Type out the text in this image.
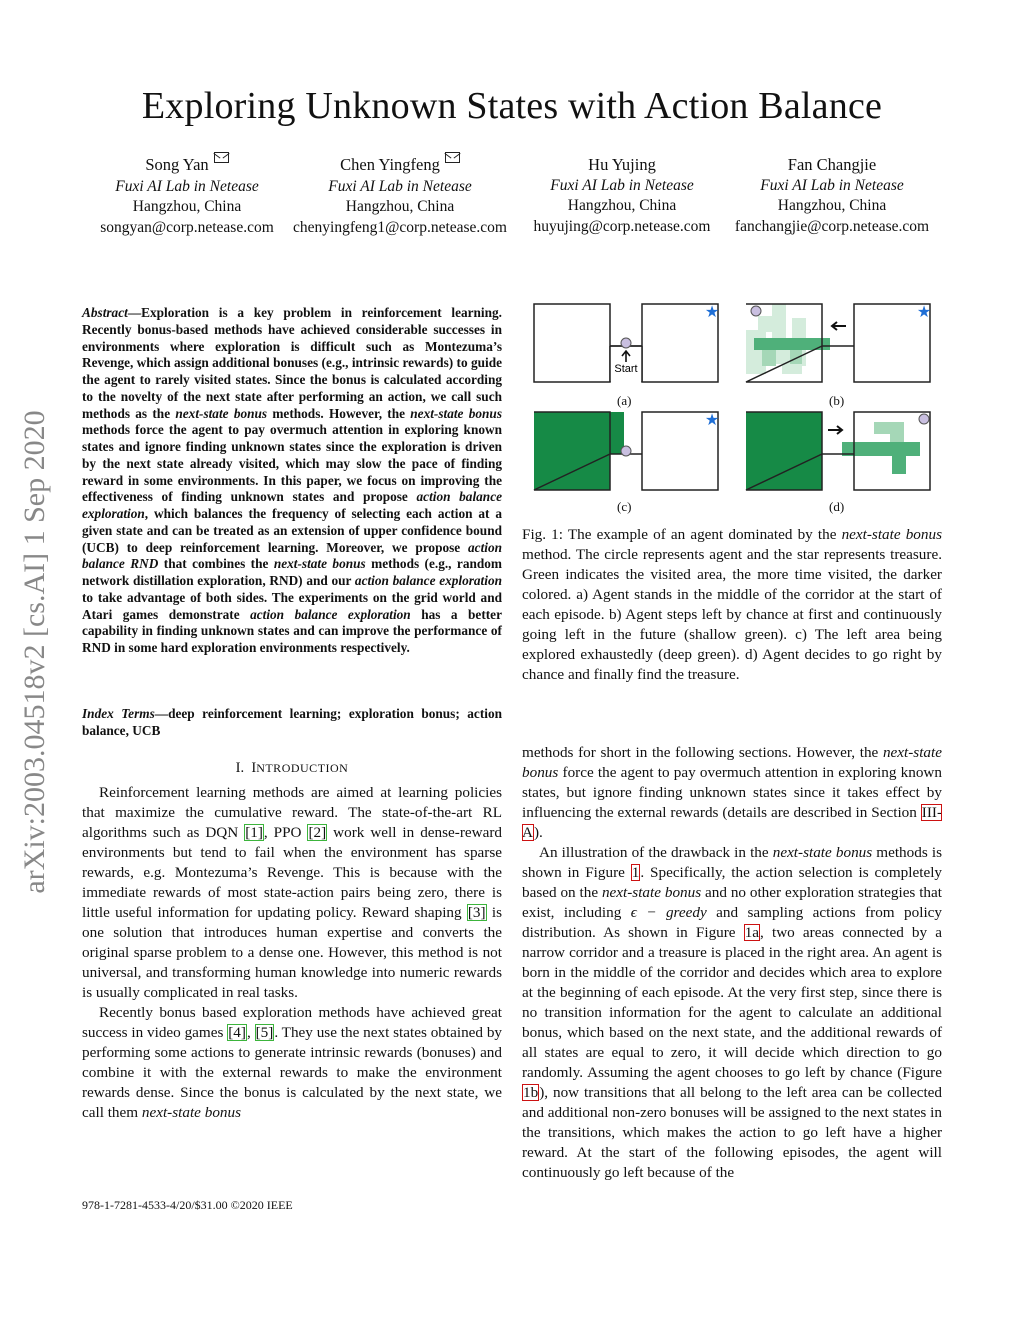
Exploring Unknown States with Action Balance
Song Yan
Fuxi AI Lab in Netease
Hangzhou, China
songyan@corp.netease.com
Chen Yingfeng
Fuxi AI Lab in Netease
Hangzhou, China
chenyingfeng1@corp.netease.com
Hu Yujing
Fuxi AI Lab in Netease
Hangzhou, China
huyujing@corp.netease.com
Fan Changjie
Fuxi AI Lab in Netease
Hangzhou, China
fanchangjie@corp.netease.com
arXiv:2003.04518v2 [cs.AI] 1 Sep 2020
Abstract—Exploration is a key problem in reinforcement learning. Recently bonus-based methods have achieved considerable successes in environments where exploration is difficult such as Montezuma’s Revenge, which assign additional bonuses (e.g., intrinsic rewards) to guide the agent to rarely visited states. Since the bonus is calculated according to the novelty of the next state after performing an action, we call such methods as the next-state bonus methods. However, the next-state bonus methods force the agent to pay overmuch attention in exploring known states and ignore finding unknown states since the exploration is driven by the next state already visited, which may slow the pace of finding reward in some environments. In this paper, we focus on improving the effectiveness of finding unknown states and propose action balance exploration, which balances the frequency of selecting each action at a given state and can be treated as an extension of upper confidence bound (UCB) to deep reinforcement learning. Moreover, we propose action balance RND that combines the next-state bonus methods (e.g., random network distillation exploration, RND) and our action balance exploration to take advantage of both sides. The experiments on the grid world and Atari games demonstrate action balance exploration has a better capability in finding unknown states and can improve the performance of RND in some hard exploration environments respectively.
Index Terms—deep reinforcement learning; exploration bonus; action balance, UCB
I. INTRODUCTION

Reinforcement learning methods are aimed at learning policies that maximize the cumulative reward. The state-of-the-art RL algorithms such as DQN [1], PPO [2] work well in dense-reward environments but tend to fail when the environment has sparse rewards, e.g. Montezuma’s Revenge. This is because with the immediate rewards of most state-action pairs being zero, there is little useful information for updating policy. Reward shaping [3] is one solution that introduces human expertise and converts the original sparse problem to a dense one. However, this method is not universal, and transforming human knowledge into numeric rewards is usually complicated in real tasks.

Recently bonus based exploration methods have achieved great success in video games [4], [5]. They use the next states obtained by performing some actions to generate intrinsic rewards (bonuses) and combine it with the external rewards to make the environment rewards dense. Since the bonus is calculated by the next state, we call them next-state bonus

Start
★	★
★
(a)	(b)
(c)	(d)
Fig. 1: The example of an agent dominated by the next-state bonus method. The circle represents agent and the star represents treasure. Green indicates the visited area, the more time visited, the darker colored. a) Agent stands in the middle of the corridor at the start of each episode. b) Agent steps left by chance at first and continuously going left in the future (shallow green). c) The left area being explored exhaustedly (deep green). d) Agent decides to go right by chance and finally find the treasure.

methods for short in the following sections. However, the next-state bonus force the agent to pay overmuch attention in exploring known states, but ignore finding unknown states since it takes effect by influencing the external rewards (details are described in Section III-A).

An illustration of the drawback in the next-state bonus methods is shown in Figure 1. Specifically, the action selection is completely based on the next-state bonus and no other exploration strategies that exist, including ϵ − greedy and sampling actions from policy distribution. As shown in Figure 1a, two areas connected by a narrow corridor and a treasure is placed in the right area. An agent is born in the middle of the corridor and decides which area to explore at the beginning of each episode. At the very first step, since there is no transition information for the agent to calculate an additional bonus, which based on the next state, and the additional rewards of all states are equal to zero, it will decide which direction to go randomly. Assuming the agent chooses to go left by chance (Figure 1b), now transitions that all belong to the left area can be collected and additional non-zero bonuses will be assigned to the next states in the transitions, which makes the action to go left have a higher reward. At the start of the following episodes, the agent will continuously go left because of the

978-1-7281-4533-4/20/$31.00 ©2020 IEEE
